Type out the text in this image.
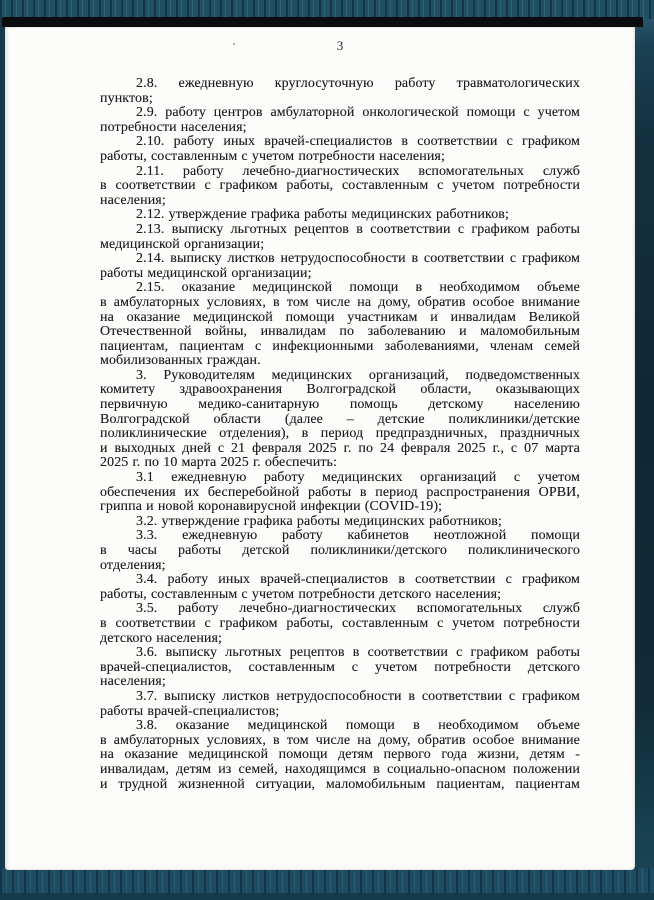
3
2.8. ежедневную круглосуточную работу травматологических
пунктов;
2.9. работу центров амбулаторной онкологической помощи с учетом
потребности населения;
2.10. работу иных врачей-специалистов в соответствии с графиком
работы, составленным с учетом потребности населения;
2.11. работу лечебно-диагностических вспомогательных служб
в соответствии с графиком работы, составленным с учетом потребности
населения;
2.12. утверждение графика работы медицинских работников;
2.13. выписку льготных рецептов в соответствии с графиком работы
медицинской организации;
2.14. выписку листков нетрудоспособности в соответствии с графиком
работы медицинской организации;
2.15. оказание медицинской помощи в необходимом объеме
в амбулаторных условиях, в том числе на дому, обратив особое внимание
на оказание медицинской помощи участникам и инвалидам Великой
Отечественной войны, инвалидам по заболеванию и маломобильным
пациентам, пациентам с инфекционными заболеваниями, членам семей
мобилизованных граждан.
3. Руководителям медицинских организаций, подведомственных
комитету здравоохранения Волгоградской области, оказывающих
первичную медико-санитарную помощь детскому населению
Волгоградской области (далее – детские поликлиники/детские
поликлинические отделения), в период предпраздничных, праздничных
и выходных дней с 21 февраля 2025 г. по 24 февраля 2025 г., с 07 марта
2025 г. по 10 марта 2025 г. обеспечить:
3.1 ежедневную работу медицинских организаций с учетом
обеспечения их бесперебойной работы в период распространения ОРВИ,
гриппа и новой коронавирусной инфекции (COVID-19);
3.2. утверждение графика работы медицинских работников;
3.3. ежедневную работу кабинетов неотложной помощи
в часы работы детской поликлиники/детского поликлинического
отделения;
3.4. работу иных врачей-специалистов в соответствии с графиком
работы, составленным с учетом потребности детского населения;
3.5. работу лечебно-диагностических вспомогательных служб
в соответствии с графиком работы, составленным с учетом потребности
детского населения;
3.6. выписку льготных рецептов в соответствии с графиком работы
врачей-специалистов, составленным с учетом потребности детского
населения;
3.7. выписку листков нетрудоспособности в соответствии с графиком
работы врачей-специалистов;
3.8. оказание медицинской помощи в необходимом объеме
в амбулаторных условиях, в том числе на дому, обратив особое внимание
на оказание медицинской помощи детям первого года жизни, детям -
инвалидам, детям из семей, находящимся в социально-опасном положении
и трудной жизненной ситуации, маломобильным пациентам, пациентам
